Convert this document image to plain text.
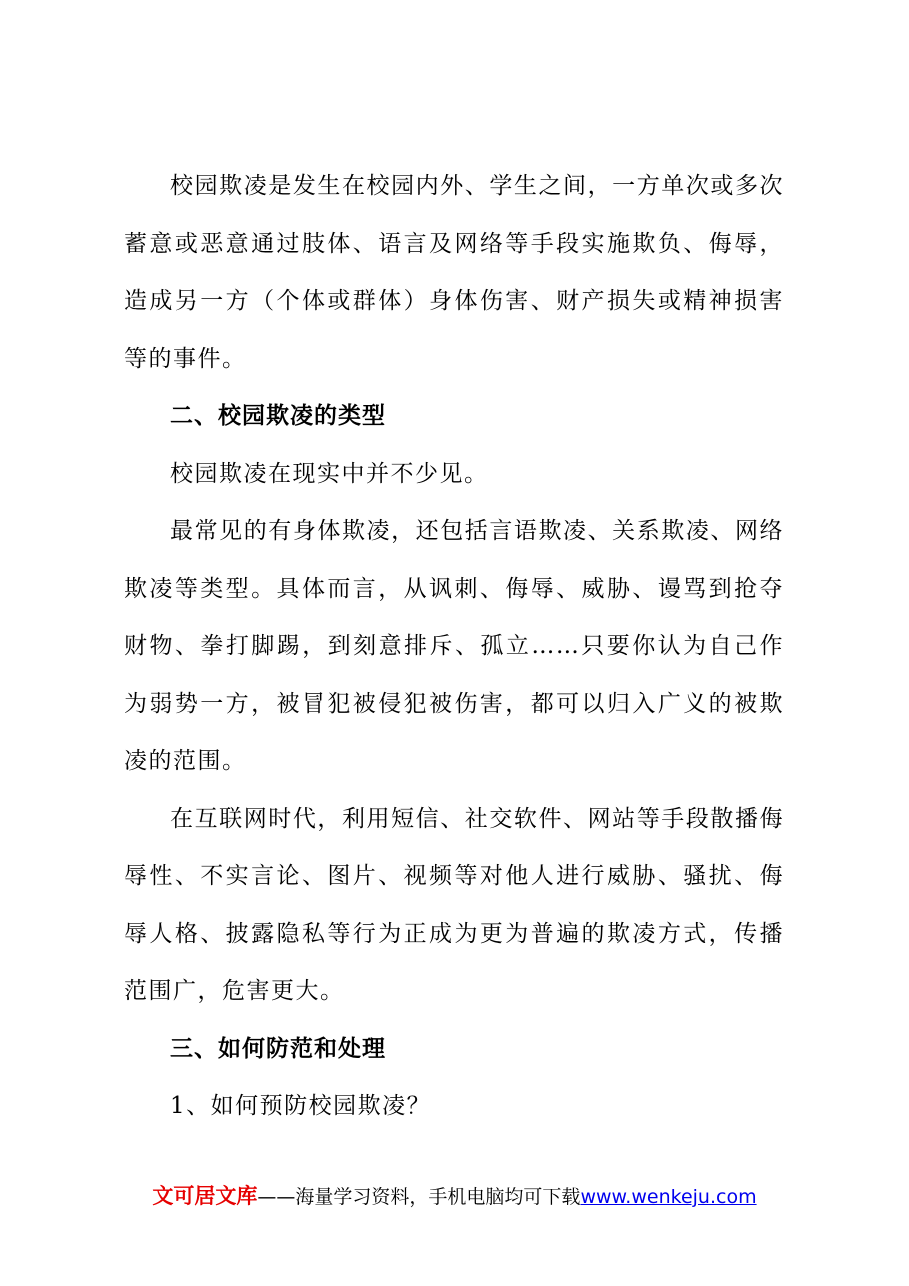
校园欺凌是发生在校园内外、学生之间，一方单次或多次蓄意或恶意通过肢体、语言及网络等手段实施欺负、侮辱，造成另一方（个体或群体）身体伤害、财产损失或精神损害等的事件。

二、校园欺凌的类型

校园欺凌在现实中并不少见。

最常见的有身体欺凌，还包括言语欺凌、关系欺凌、网络欺凌等类型。具体而言，从讽刺、侮辱、威胁、谩骂到抢夺财物、拳打脚踢，到刻意排斥、孤立……只要你认为自己作为弱势一方，被冒犯被侵犯被伤害，都可以归入广义的被欺凌的范围。

在互联网时代，利用短信、社交软件、网站等手段散播侮辱性、不实言论、图片、视频等对他人进行威胁、骚扰、侮辱人格、披露隐私等行为正成为更为普遍的欺凌方式，传播范围广，危害更大。

三、如何防范和处理

1、如何预防校园欺凌？

文可居文库——海量学习资料，手机电脑均可下载www.wenkeju.com
